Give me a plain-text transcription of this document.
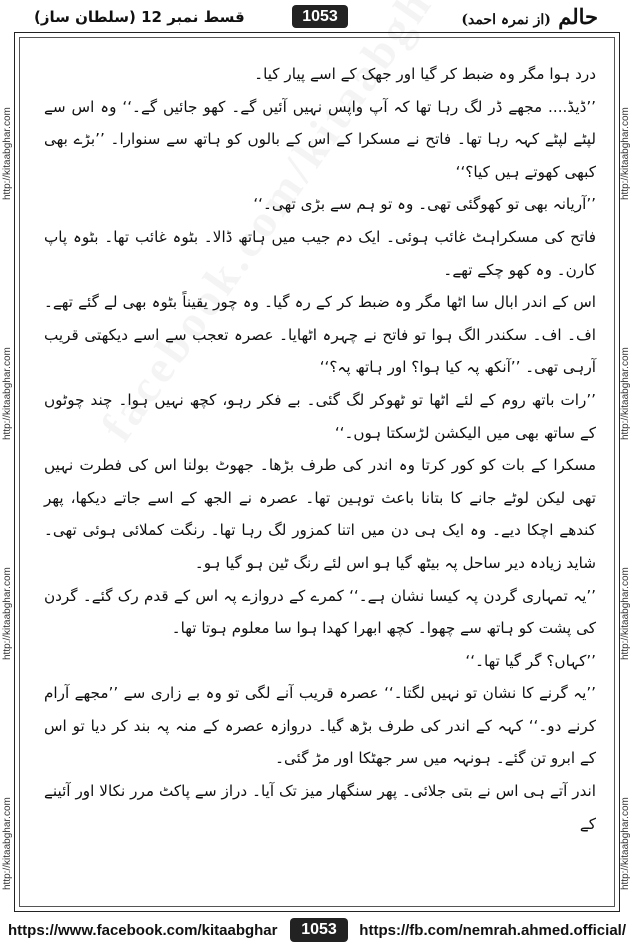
حالم (از نمرہ احمد)
1053
قسط نمبر 12 (سلطان ساز)
http://kitaabghar.com
http://kitaabghar.com
http://kitaabghar.com
http://kitaabghar.com
http://kitaabghar.com
http://kitaabghar.com
http://kitaabghar.com
http://kitaabghar.com

درد ہوا مگر وہ ضبط کر گیا اور جھک کے اسے پیار کیا۔

’’ڈیڈ.... مجھے ڈر لگ رہا تھا کہ آپ واپس نہیں آئیں گے۔ کھو جائیں گے۔‘‘ وہ اس سے لپٹے لپٹے کہہ رہا تھا۔ فاتح نے مسکرا کے اس کے بالوں کو ہاتھ سے سنوارا۔ ’’بڑے بھی کبھی کھوتے ہیں کیا؟‘‘

’’آریانہ بھی تو کھوگئی تھی۔ وہ تو ہم سے بڑی تھی۔‘‘

فاتح کی مسکراہٹ غائب ہوئی۔ ایک دم جیب میں ہاتھ ڈالا۔ بٹوہ غائب تھا۔ بٹوہ پاپ کارن۔ وہ کھو چکے تھے۔

اس کے اندر ابال سا اٹھا مگر وہ ضبط کر کے رہ گیا۔ وہ چور یقیناً بٹوہ بھی لے گئے تھے۔ اف۔ اف۔ سکندر الگ ہوا تو فاتح نے چہرہ اٹھایا۔ عصرہ تعجب سے اسے دیکھتی قریب آرہی تھی۔ ’’آنکھ پہ کیا ہوا؟ اور ہاتھ پہ؟‘‘

’’رات باتھ روم کے لئے اٹھا تو ٹھوکر لگ گئی۔ بے فکر رہو، کچھ نہیں ہوا۔ چند چوٹوں کے ساتھ بھی میں الیکشن لڑسکتا ہوں۔‘‘

مسکرا کے بات کو کور کرتا وہ اندر کی طرف بڑھا۔ جھوٹ بولنا اس کی فطرت نہیں تھی لیکن لوٹے جانے کا بتانا باعث توہین تھا۔ عصرہ نے الجھ کے اسے جاتے دیکھا، پھر کندھے اچکا دیے۔ وہ ایک ہی دن میں اتنا کمزور لگ رہا تھا۔ رنگت کملائی ہوئی تھی۔ شاید زیادہ دیر ساحل پہ بیٹھ گیا ہو اس لئے رنگ ٹین ہو گیا ہو۔

’’یہ تمہاری گردن پہ کیسا نشان ہے۔‘‘ کمرے کے دروازے پہ اس کے قدم رک گئے۔ گردن کی پشت کو ہاتھ سے چھوا۔ کچھ ابھرا کھدا ہوا سا معلوم ہوتا تھا۔

’’کہاں؟ گر گیا تھا۔‘‘

’’یہ گرنے کا نشان تو نہیں لگتا۔‘‘ عصرہ قریب آنے لگی تو وہ بے زاری سے ’’مجھے آرام کرنے دو۔‘‘ کہہ کے اندر کی طرف بڑھ گیا۔ دروازہ عصرہ کے منہ پہ بند کر دیا تو اس کے ابرو تن گئے۔ ہونہہ میں سر جھٹکا اور مڑ گئی۔

اندر آتے ہی اس نے بتی جلائی۔ پھر سنگھار میز تک آیا۔ دراز سے پاکٹ مرر نکالا اور آئینے کے

https://www.facebook.com/kitaabghar	1053	https://fb.com/nemrah.ahmed.official/
